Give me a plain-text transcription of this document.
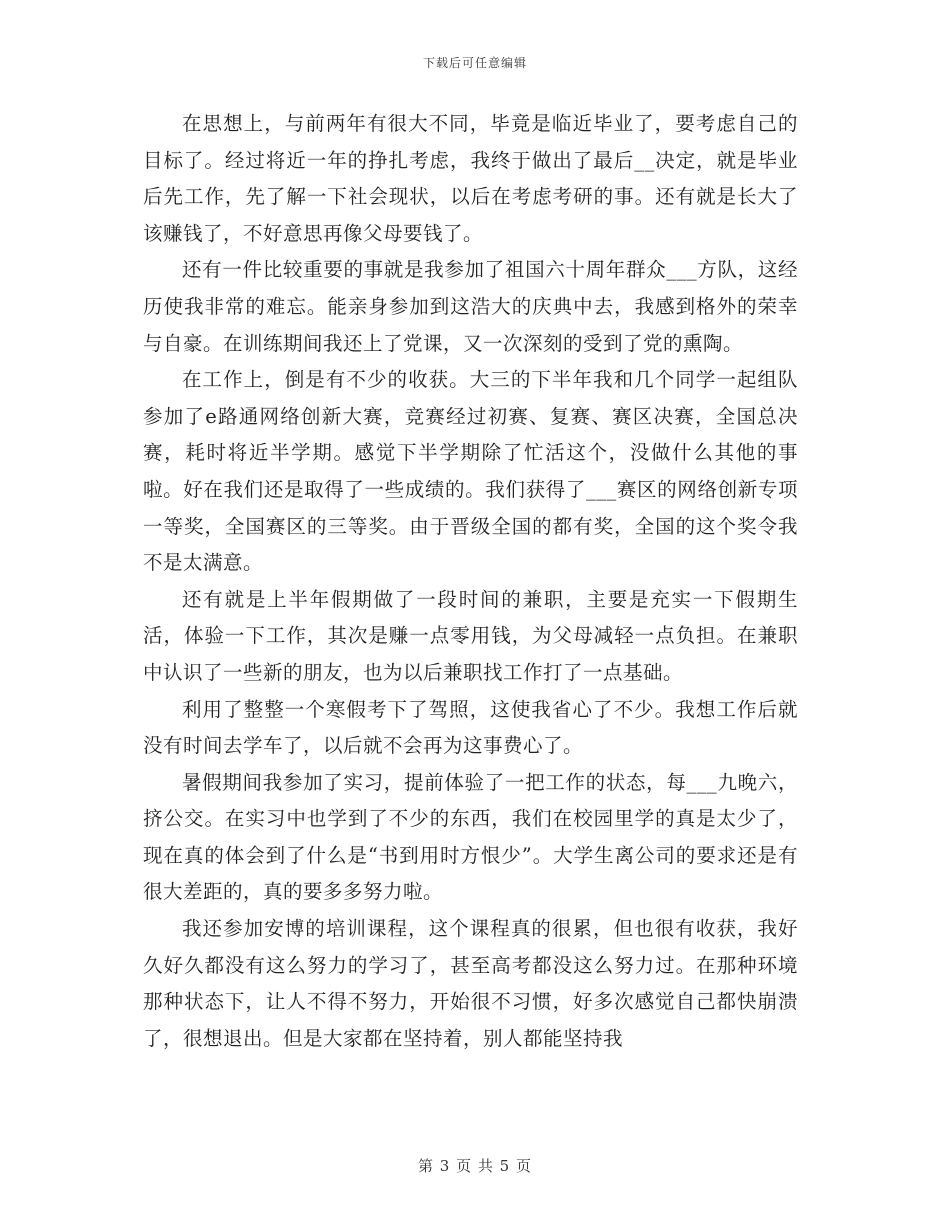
下载后可任意编辑

在思想上，与前两年有很大不同，毕竟是临近毕业了，要考虑自己的目标了。经过将近一年的挣扎考虑，我终于做出了最后__决定，就是毕业后先工作，先了解一下社会现状，以后在考虑考研的事。还有就是长大了该赚钱了，不好意思再像父母要钱了。

还有一件比较重要的事就是我参加了祖国六十周年群众___方队，这经历使我非常的难忘。能亲身参加到这浩大的庆典中去，我感到格外的荣幸与自豪。在训练期间我还上了党课，又一次深刻的受到了党的熏陶。

在工作上，倒是有不少的收获。大三的下半年我和几个同学一起组队参加了e路通网络创新大赛，竞赛经过初赛、复赛、赛区决赛，全国总决赛，耗时将近半学期。感觉下半学期除了忙活这个，没做什么其他的事啦。好在我们还是取得了一些成绩的。我们获得了___赛区的网络创新专项一等奖，全国赛区的三等奖。由于晋级全国的都有奖，全国的这个奖令我不是太满意。

还有就是上半年假期做了一段时间的兼职，主要是充实一下假期生活，体验一下工作，其次是赚一点零用钱，为父母减轻一点负担。在兼职中认识了一些新的朋友，也为以后兼职找工作打了一点基础。

利用了整整一个寒假考下了驾照，这使我省心了不少。我想工作后就没有时间去学车了，以后就不会再为这事费心了。

暑假期间我参加了实习，提前体验了一把工作的状态，每___九晚六，挤公交。在实习中也学到了不少的东西，我们在校园里学的真是太少了，现在真的体会到了什么是“书到用时方恨少”。大学生离公司的要求还是有很大差距的，真的要多多努力啦。

我还参加安博的培训课程，这个课程真的很累，但也很有收获，我好久好久都没有这么努力的学习了，甚至高考都没这么努力过。在那种环境那种状态下，让人不得不努力，开始很不习惯，好多次感觉自己都快崩溃了，很想退出。但是大家都在坚持着，别人都能坚持我

第 3 页 共 5 页
